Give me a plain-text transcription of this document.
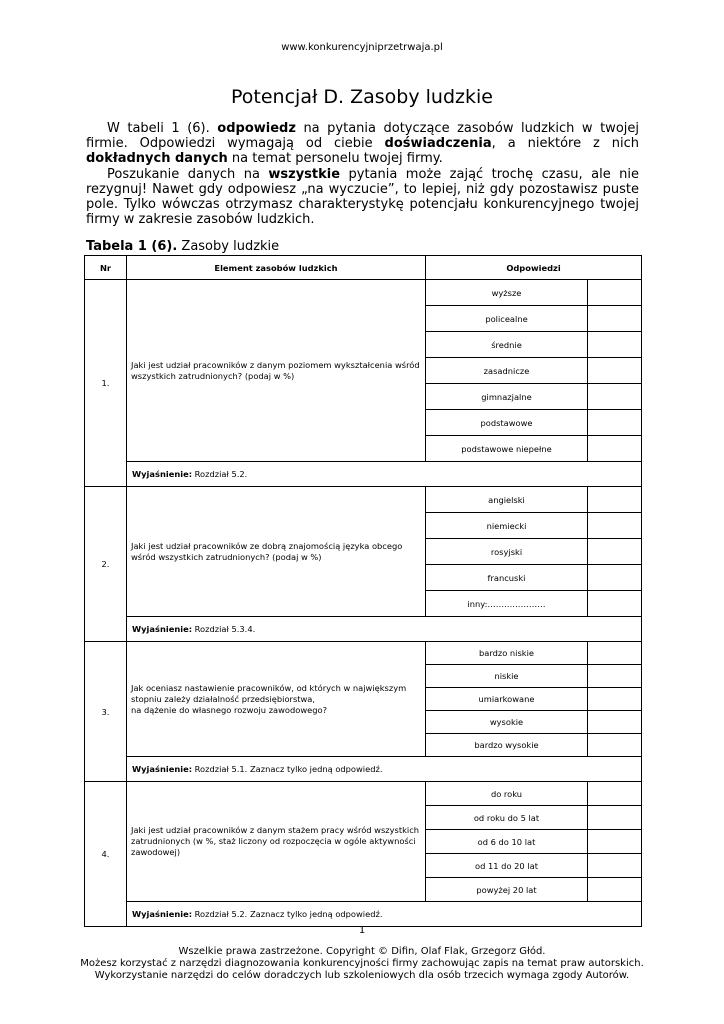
www.konkurencyjniprzetrwaja.pl
Potencjał D. Zasoby ludzkie

W tabeli 1 (6). odpowiedz na pytania dotyczące zasobów ludzkich w twojej firmie. Odpowiedzi wymagają od ciebie doświadczenia, a niektóre z nich dokładnych danych na temat personelu twojej firmy.

Poszukanie danych na wszystkie pytania może zająć trochę czasu, ale nie rezygnuj! Nawet gdy odpowiesz „na wyczucie”, to lepiej, niż gdy pozostawisz puste pole. Tylko wówczas otrzymasz charakterystykę potencjału konkurencyjnego twojej firmy w zakresie zasobów ludzkich.

Tabela 1 (6). Zasoby ludzkie
Nr	Element zasobów ludzkich	Odpowiedzi	
1.	Jaki jest udział pracowników z danym poziomem wykształcenia wśród wszystkich zatrudnionych? (podaj w %)	wyższe	
		policealne	
		średnie	
		zasadnicze	
		gimnazjalne	
		podstawowe	
		podstawowe niepełne	
	Wyjaśnienie: Rozdział 5.2.		
2.	Jaki jest udział pracowników ze dobrą znajomością języka obcego wśród wszystkich zatrudnionych? (podaj w %)	angielski	
		niemiecki	
		rosyjski	
		francuski	
		inny:…………………	
	Wyjaśnienie: Rozdział 5.3.4.		
3.	Jak oceniasz nastawienie pracowników, od których w największym stopniu zależy działalność przedsiębiorstwa,
na dążenie do własnego rozwoju zawodowego?	bardzo niskie	
		niskie	
		umiarkowane	
		wysokie	
		bardzo wysokie	
	Wyjaśnienie: Rozdział 5.1. Zaznacz tylko jedną odpowiedź.		
4.	Jaki jest udział pracowników z danym stażem pracy wśród wszystkich zatrudnionych (w %, staż liczony od rozpoczęcia w ogóle aktywności zawodowej)	do roku	
		od roku do 5 lat	
		od 6 do 10 lat	
		od 11 do 20 lat	
		powyżej 20 lat	
	Wyjaśnienie: Rozdział 5.2. Zaznacz tylko jedną odpowiedź.		
1
Wszelkie prawa zastrzeżone. Copyright © Difin, Olaf Flak, Grzegorz Głód.
Możesz korzystać z narzędzi diagnozowania konkurencyjności firmy zachowując zapis na temat praw autorskich.
Wykorzystanie narzędzi do celów doradczych lub szkoleniowych dla osób trzecich wymaga zgody Autorów.
